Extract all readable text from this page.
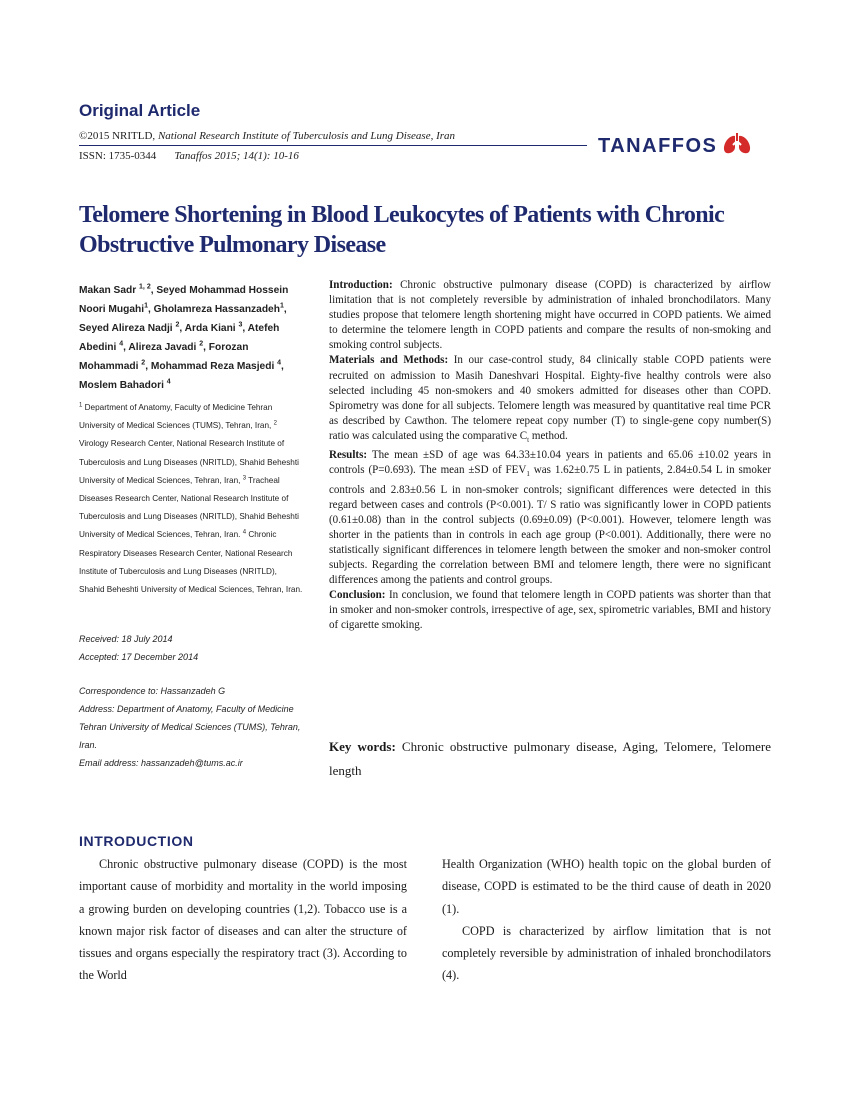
Original Article
©2015 NRITLD, National Research Institute of Tuberculosis and Lung Disease, Iran
ISSN: 1735-0344 Tanaffos 2015; 14(1): 10-16	TANAFFOS
Telomere Shortening in Blood Leukocytes of Patients with Chronic Obstructive Pulmonary Disease
Makan Sadr $^{1, 2}$, Seyed Mohammad Hossein Noori Mugahi$^1$, Gholamreza Hassanzadeh$^1$, Seyed Alireza Nadji $^2$, Arda Kiani $^3$, Atefeh Abedini $^4$, Alireza Javadi $^2$, Forozan Mohammadi $^2$, Mohammad Reza Masjedi $^4$, Moslem Bahadori $^4$
$^1$ Department of Anatomy, Faculty of Medicine Tehran University of Medical Sciences (TUMS), Tehran, Iran, $^2$ Virology Research Center, National Research Institute of Tuberculosis and Lung Diseases (NRITLD), Shahid Beheshti University of Medical Sciences, Tehran, Iran, $^3$ Tracheal Diseases Research Center, National Research Institute of Tuberculosis and Lung Diseases (NRITLD), Shahid Beheshti University of Medical Sciences, Tehran, Iran. $^4$ Chronic Respiratory Diseases Research Center, National Research Institute of Tuberculosis and Lung Diseases (NRITLD), Shahid Beheshti University of Medical Sciences, Tehran, Iran.
Received: 18 July 2014
Accepted: 17 December 2014
Correspondence to: Hassanzadeh G
Address: Department of Anatomy, Faculty of Medicine Tehran University of Medical Sciences (TUMS), Tehran, Iran.
Email address: hassanzadeh@tums.ac.ir

Introduction: Chronic obstructive pulmonary disease (COPD) is characterized by airflow limitation that is not completely reversible by administration of inhaled bronchodilators. Many studies propose that telomere length shortening might have occurred in COPD patients. We aimed to determine the telomere length in COPD patients and compare the results of non-smoking and smoking control subjects.

Materials and Methods: In our case-control study, 84 clinically stable COPD patients were recruited on admission to Masih Daneshvari Hospital. Eighty-five healthy controls were also selected including 45 non-smokers and 40 smokers admitted for diseases other than COPD. Spirometry was done for all subjects. Telomere length was measured by quantitative real time PCR as described by Cawthon. The telomere repeat copy number (T) to single-gene copy number(S) ratio was calculated using the comparative $C_t$ method.

Results: The mean ±SD of age was 64.33±10.04 years in patients and 65.06 ±10.02 years in controls (P=0.693). The mean ±SD of $FEV_1$ was 1.62±0.75 L in patients, 2.84±0.54 L in smoker controls and 2.83±0.56 L in non-smoker controls; significant differences were detected in this regard between cases and controls (P<0.001). T/ S ratio was significantly lower in COPD patients (0.61±0.08) than in the control subjects (0.69±0.09) (P<0.001). However, telomere length was shorter in the patients than in controls in each age group (P<0.001). Additionally, there were no statistically significant differences in telomere length between the smoker and non-smoker control subjects. Regarding the correlation between BMI and telomere length, there were no significant differences among the patients and control groups.

Conclusion: In conclusion, we found that telomere length in COPD patients was shorter than that in smoker and non-smoker controls, irrespective of age, sex, spirometric variables, BMI and history of cigarette smoking.

Key words: Chronic obstructive pulmonary disease, Aging, Telomere, Telomere length
INTRODUCTION

Chronic obstructive pulmonary disease (COPD) is the most important cause of morbidity and mortality in the world imposing a growing burden on developing countries (1,2). Tobacco use is a known major risk factor of diseases and can alter the structure of tissues and organs especially the respiratory tract (3). According to the World

Health Organization (WHO) health topic on the global burden of disease, COPD is estimated to be the third cause of death in 2020 (1).

COPD is characterized by airflow limitation that is not completely reversible by administration of inhaled bronchodilators (4).
